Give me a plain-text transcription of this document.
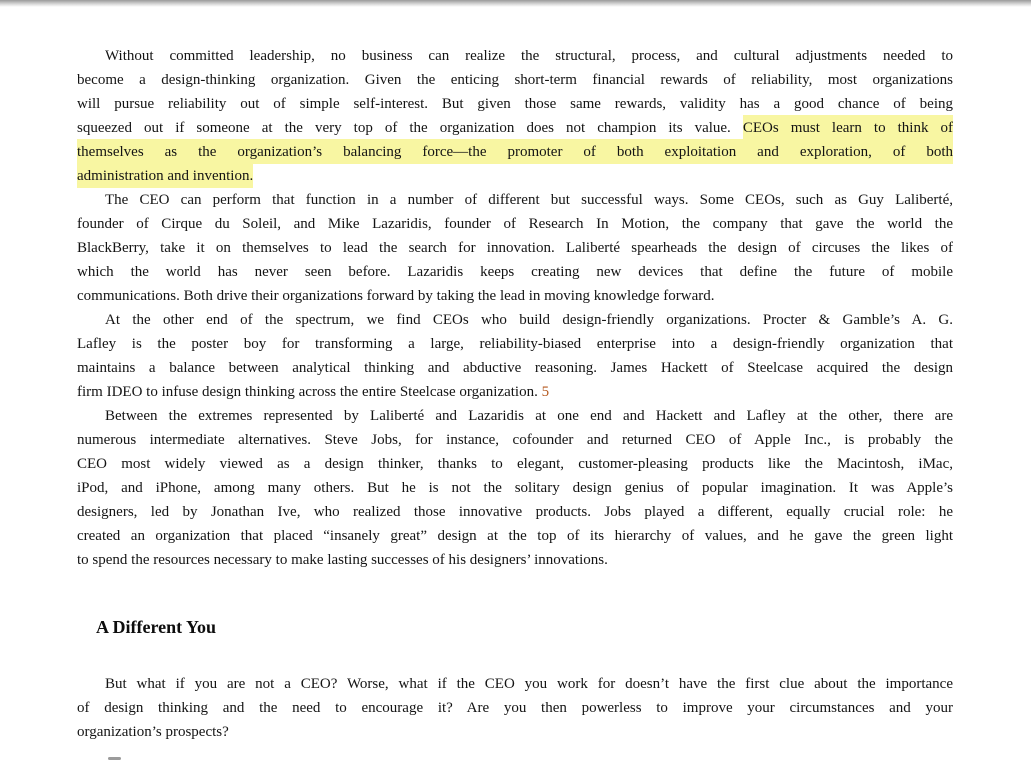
Without committed leadership, no business can realize the structural, process, and cultural adjustments needed to
become a design-thinking organization. Given the enticing short-term financial rewards of reliability, most organizations
will pursue reliability out of simple self-interest. But given those same rewards, validity has a good chance of being
squeezed out if someone at the very top of the organization does not champion its value. CEOs must learn to think of
themselves as the organization’s balancing force—the promoter of both exploitation and exploration, of both
administration and invention.
The CEO can perform that function in a number of different but successful ways. Some CEOs, such as Guy Laliberté,
founder of Cirque du Soleil, and Mike Lazaridis, founder of Research In Motion, the company that gave the world the
BlackBerry, take it on themselves to lead the search for innovation. Laliberté spearheads the design of circuses the likes of
which the world has never seen before. Lazaridis keeps creating new devices that define the future of mobile
communications. Both drive their organizations forward by taking the lead in moving knowledge forward.
At the other end of the spectrum, we find CEOs who build design-friendly organizations. Procter & Gamble’s A. G.
Lafley is the poster boy for transforming a large, reliability-biased enterprise into a design-friendly organization that
maintains a balance between analytical thinking and abductive reasoning. James Hackett of Steelcase acquired the design
firm IDEO to infuse design thinking across the entire Steelcase organization. 5
Between the extremes represented by Laliberté and Lazaridis at one end and Hackett and Lafley at the other, there are
numerous intermediate alternatives. Steve Jobs, for instance, cofounder and returned CEO of Apple Inc., is probably the
CEO most widely viewed as a design thinker, thanks to elegant, customer-pleasing products like the Macintosh, iMac,
iPod, and iPhone, among many others. But he is not the solitary design genius of popular imagination. It was Apple’s
designers, led by Jonathan Ive, who realized those innovative products. Jobs played a different, equally crucial role: he
created an organization that placed “insanely great” design at the top of its hierarchy of values, and he gave the green light
to spend the resources necessary to make lasting successes of his designers’ innovations.
A Different You
But what if you are not a CEO? Worse, what if the CEO you work for doesn’t have the first clue about the importance
of design thinking and the need to encourage it? Are you then powerless to improve your circumstances and your
organization’s prospects?
